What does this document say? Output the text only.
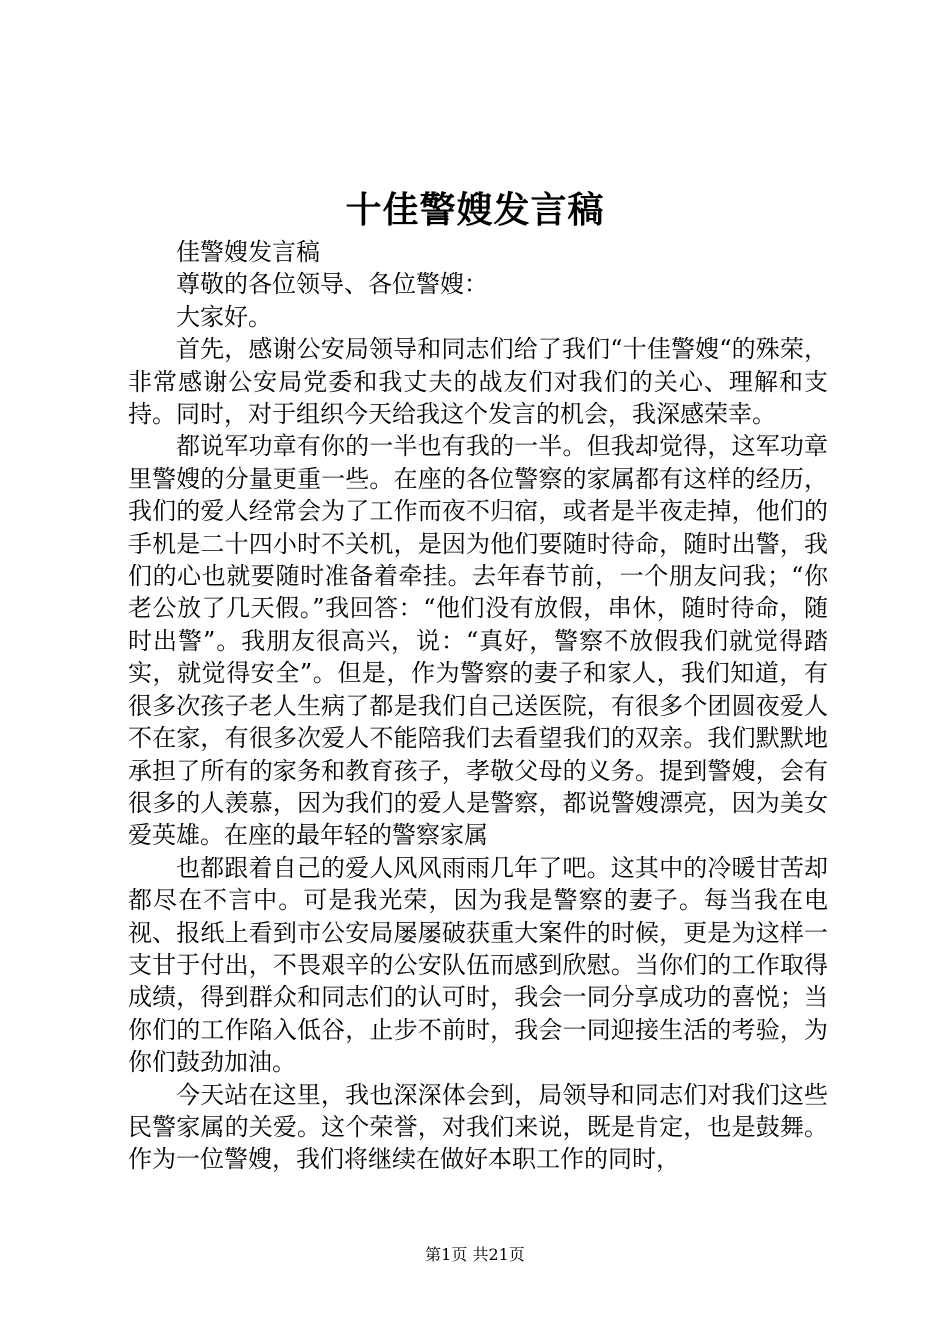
十佳警嫂发言稿

佳警嫂发言稿

尊敬的各位领导、各位警嫂：

大家好。

首先，感谢公安局领导和同志们给了我们“十佳警嫂“的殊荣，非常感谢公安局党委和我丈夫的战友们对我们的关心、理解和支持。同时，对于组织今天给我这个发言的机会，我深感荣幸。

都说军功章有你的一半也有我的一半。但我却觉得，这军功章里警嫂的分量更重一些。在座的各位警察的家属都有这样的经历，我们的爱人经常会为了工作而夜不归宿，或者是半夜走掉，他们的手机是二十四小时不关机，是因为他们要随时待命，随时出警，我们的心也就要随时准备着牵挂。去年春节前，一个朋友问我；“你老公放了几天假。”我回答：“他们没有放假，串休，随时待命，随时出警”。我朋友很高兴，说：“真好，警察不放假我们就觉得踏实，就觉得安全”。但是，作为警察的妻子和家人，我们知道，有很多次孩子老人生病了都是我们自己送医院，有很多个团圆夜爱人不在家，有很多次爱人不能陪我们去看望我们的双亲。我们默默地承担了所有的家务和教育孩子，孝敬父母的义务。提到警嫂，会有很多的人羡慕，因为我们的爱人是警察，都说警嫂漂亮，因为美女爱英雄。在座的最年轻的警察家属

也都跟着自己的爱人风风雨雨几年了吧。这其中的冷暖甘苦却都尽在不言中。可是我光荣，因为我是警察的妻子。每当我在电视、报纸上看到市公安局屡屡破获重大案件的时候，更是为这样一支甘于付出，不畏艰辛的公安队伍而感到欣慰。当你们的工作取得成绩，得到群众和同志们的认可时，我会一同分享成功的喜悦；当你们的工作陷入低谷，止步不前时，我会一同迎接生活的考验，为你们鼓劲加油。

今天站在这里，我也深深体会到，局领导和同志们对我们这些民警家属的关爱。这个荣誉，对我们来说，既是肯定，也是鼓舞。作为一位警嫂，我们将继续在做好本职工作的同时，

第1页 共21页
